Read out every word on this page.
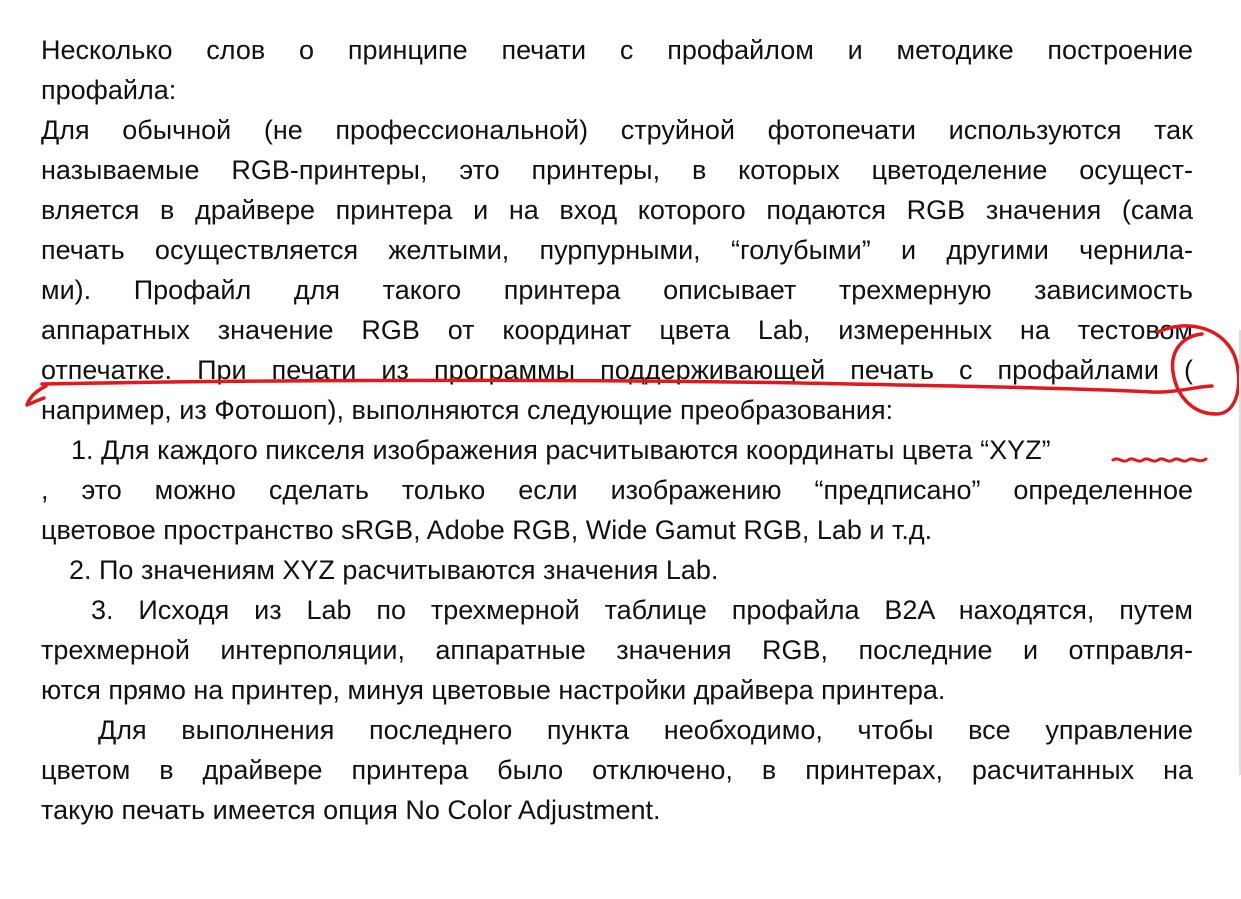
Несколько слов о принципе печати с профайлом и методике построение
профайла:
Для обычной (не профессиональной) струйной фотопечати используются так
называемые RGB-принтеры, это принтеры, в которых цветоделение осущест-
вляется в драйвере принтера и на вход которого подаются RGB значения (сама
печать осуществляется желтыми, пурпурными, “голубыми” и другими чернила-
ми). Профайл для такого принтера описывает трехмерную зависимость
аппаратных значение RGB от координат цвета Lab, измеренных на тестовом
отпечатке. При печати из программы поддерживающей печать с профайлами (
например, из Фотошоп), выполняются следующие преобразования:
1. Для каждого пикселя изображения расчитываются координаты цвета “XYZ”
, это можно сделать только если изображению “предписано” определенное
цветовое пространство sRGB, Adobe RGB, Wide Gamut RGB, Lab и т.д.
2. По значениям XYZ расчитываются значения Lab.
3. Исходя из Lab по трехмерной таблице профайла B2A находятся, путем
трехмерной интерполяции, аппаратные значения RGB, последние и отправля-
ются прямо на принтер, минуя цветовые настройки драйвера принтера.
Для выполнения последнего пункта необходимо, чтобы все управление
цветом в драйвере принтера было отключено, в принтерах, расчитанных на
такую печать имеется опция No Color Adjustment.
